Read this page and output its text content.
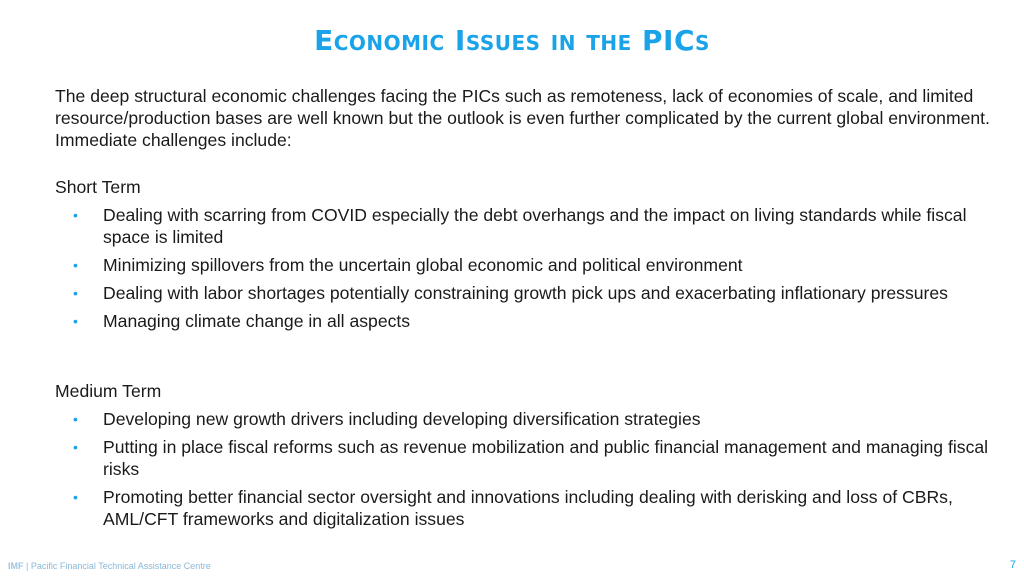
Economic Issues in the PICs
The deep structural economic challenges facing the PICs such as remoteness, lack of economies of scale, and limited resource/production bases are well known but the outlook is even further complicated by the current global environment. Immediate challenges include:
Short Term
• Dealing with scarring from COVID especially the debt overhangs and the impact on living standards while fiscal space is limited
• Minimizing spillovers from the uncertain global economic and political environment
• Dealing with labor shortages potentially constraining growth pick ups and exacerbating inflationary pressures
• Managing climate change in all aspects
Medium Term
• Developing new growth drivers including developing diversification strategies
• Putting in place fiscal reforms such as revenue mobilization and public financial management and managing fiscal risks
• Promoting better financial sector oversight and innovations including dealing with derisking and loss of CBRs, AML/CFT frameworks and digitalization issues
IMF | Pacific Financial Technical Assistance Centre	7
